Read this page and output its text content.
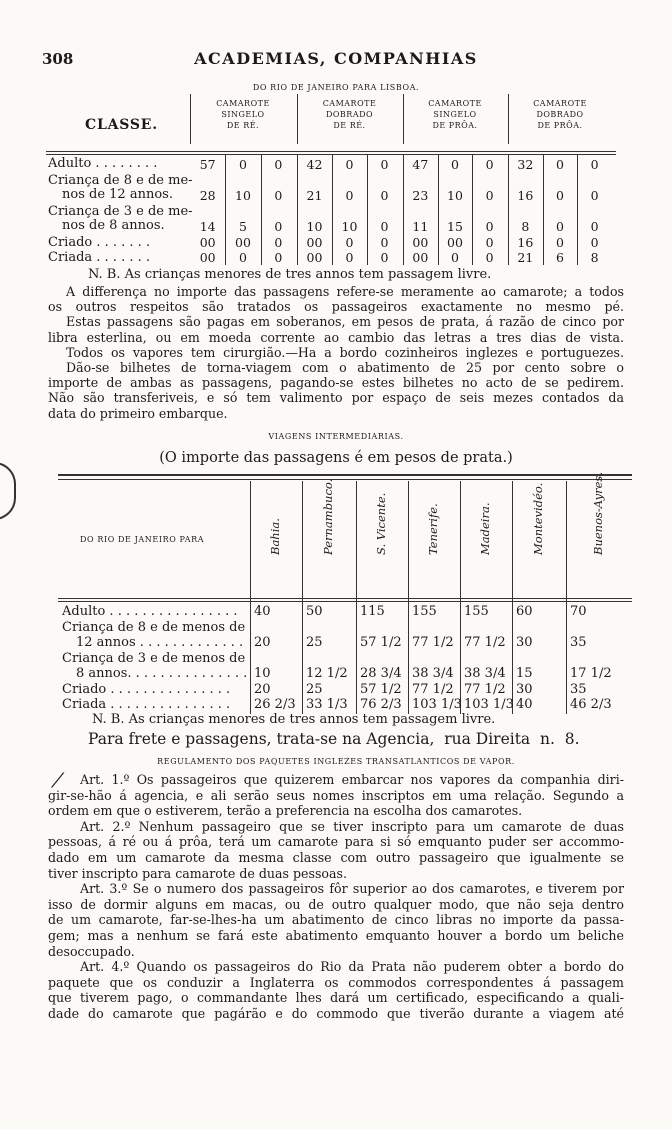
308	ACADEMIAS, COMPANHIAS
DO RIO DE JANEIRO PARA LISBOA.
CLASSE.
CAMAROTE
SINGELO
DE RÉ.
CAMAROTE
DOBRADO
DE RÉ.
CAMAROTE
SINGELO
DE PRÔA.
CAMAROTE
DOBRADO
DE PRÔA.
Adulto . . . . . . . .	57	0	0	42	0	0	47	0	0	32	0	0
Criança de 8 e de me-
nos de 12 annos.	28	10	0	21	0	0	23	10	0	16	0	0
Criança de 3 e de me-
nos de 8 annos.	14	5	0	10	10	0	11	15	0	8	0	0
Criado . . . . . . .	00	00	0	00	0	0	00	00	0	16	0	0
Criada . . . . . . .	00	0	0	00	0	0	00	0	0	21	6	8
N. B. As crianças menores de tres annos tem passagem livre.
A differença no importe das passagens refere-se meramente ao camarote; a todos
os outros respeitos são tratados os passageiros exactamente no mesmo pé.
Estas passagens são pagas em soberanos, em pesos de prata, á razão de cinco por
libra esterlina, ou em moeda corrente ao cambio das letras a tres dias de vista.
Todos os vapores tem cirurgião.—Ha a bordo cozinheiros inglezes e portuguezes.
Dão-se bilhetes de torna-viagem com o abatimento de 25 por cento sobre o
importe de ambas as passagens, pagando-se estes bilhetes no acto de se pedirem.
Não são transferiveis, e só tem valimento por espaço de seis mezes contados da
data do primeiro embarque.
VIAGENS INTERMEDIARIAS.
(O importe das passagens é em pesos de prata.)
DO RIO DE JANEIRO PARA	Bahia.	Pernambuco.	S. Vicente.	Tenerife.	Madeira.	Montevidéo.	Buenos-Ayres.
Adulto . . . . . . . . . . . . . . . . 40	50	115 155 155 60	70
Criança de 8 e de menos de
12 annos . . . . . . . . . . . . . 20	25	57 1/2 77 1/2 77 1/2 30	35
Criança de 3 e de menos de
8 annos. . . . . . . . . . . . . . . 10	12 1/2 28 3/4 38 3/4 38 3/4 15	17 1/2
Criado . . . . . . . . . . . . . . . 20	25	57 1/2 77 1/2 77 1/2 30	35
Criada . . . . . . . . . . . . . . . 26 2/3 33 1/3 76 2/3 103 1/3 103 1/3 40	46 2/3
N. B. As crianças menores de tres annos tem passagem livre.
Para frete e passagens, trata-se na Agencia,  rua Direita  n.  8.
REGULAMENTO DOS PAQUETES INGLEZES TRANSATLANTICOS DE VAPOR.
⁄	Art. 1.º Os passageiros que quizerem embarcar nos vapores da companhia diri-
gir-se-hão á agencia, e ali serão seus nomes inscriptos em uma relação. Segundo a
ordem em que o estiverem, terão a preferencia na escolha dos camarotes.
Art. 2.º Nenhum passageiro que se tiver inscripto para um camarote de duas
pessoas, á ré ou á prôa, terá um camarote para si só emquanto puder ser accommo-
dado em um camarote da mesma classe com outro passageiro que igualmente se
tiver inscripto para camarote de duas pessoas.
Art. 3.º Se o numero dos passageiros fôr superior ao dos camarotes, e tiverem por
isso de dormir alguns em macas, ou de outro qualquer modo, que não seja dentro
de um camarote, far-se-lhes-ha um abatimento de cinco libras no importe da passa-
gem; mas a nenhum se fará este abatimento emquanto houver a bordo um beliche
desoccupado.
Art. 4.º Quando os passageiros do Rio da Prata não puderem obter a bordo do
paquete que os conduzir a Inglaterra os commodos correspondentes á passagem
que tiverem pago, o commandante lhes dará um certificado, especificando a quali-
dade do camarote que pagárão e do commodo que tiverão durante a viagem até
